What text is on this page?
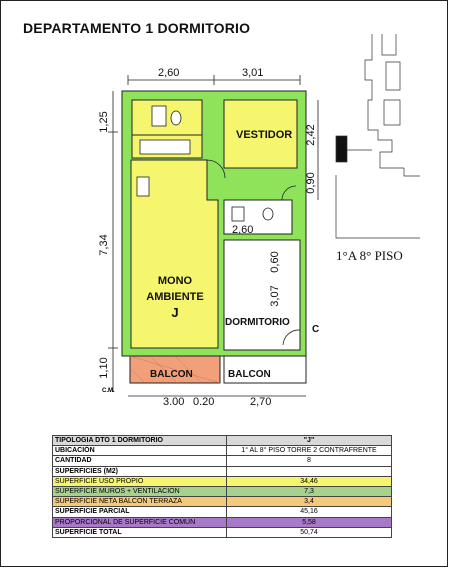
DEPARTAMENTO 1 DORMITORIO
2,60	3,01
1,25
7,34
1,10
2,42
0,90
2,60
3,07
0,60
3.00 0.20	2,70
C.M.
VESTIDOR
MONO
AMBIENTE
J
DORMITORIO
BALCON	BALCON
C
1°A 8° PISO
TIPOLOGIA DTO 1 DORMITORIO	"J"
UBICACIÓN	1° AL 8° PISO TORRE 2 CONTRAFRENTE
CANTIDAD	8
SUPERFICIES (M2)	
SUPERFICIE USO PROPIO	34,46
SUPERFICIE MUROS + VENTILACION	7,3
SUPERFICIE NETA BALCON TERRAZA	3,4
SUPERFICIE PARCIAL	45,16
PROPORCIONAL DE SUPERFICIE COMUN	5,58
SUPERFICIE TOTAL	50,74
